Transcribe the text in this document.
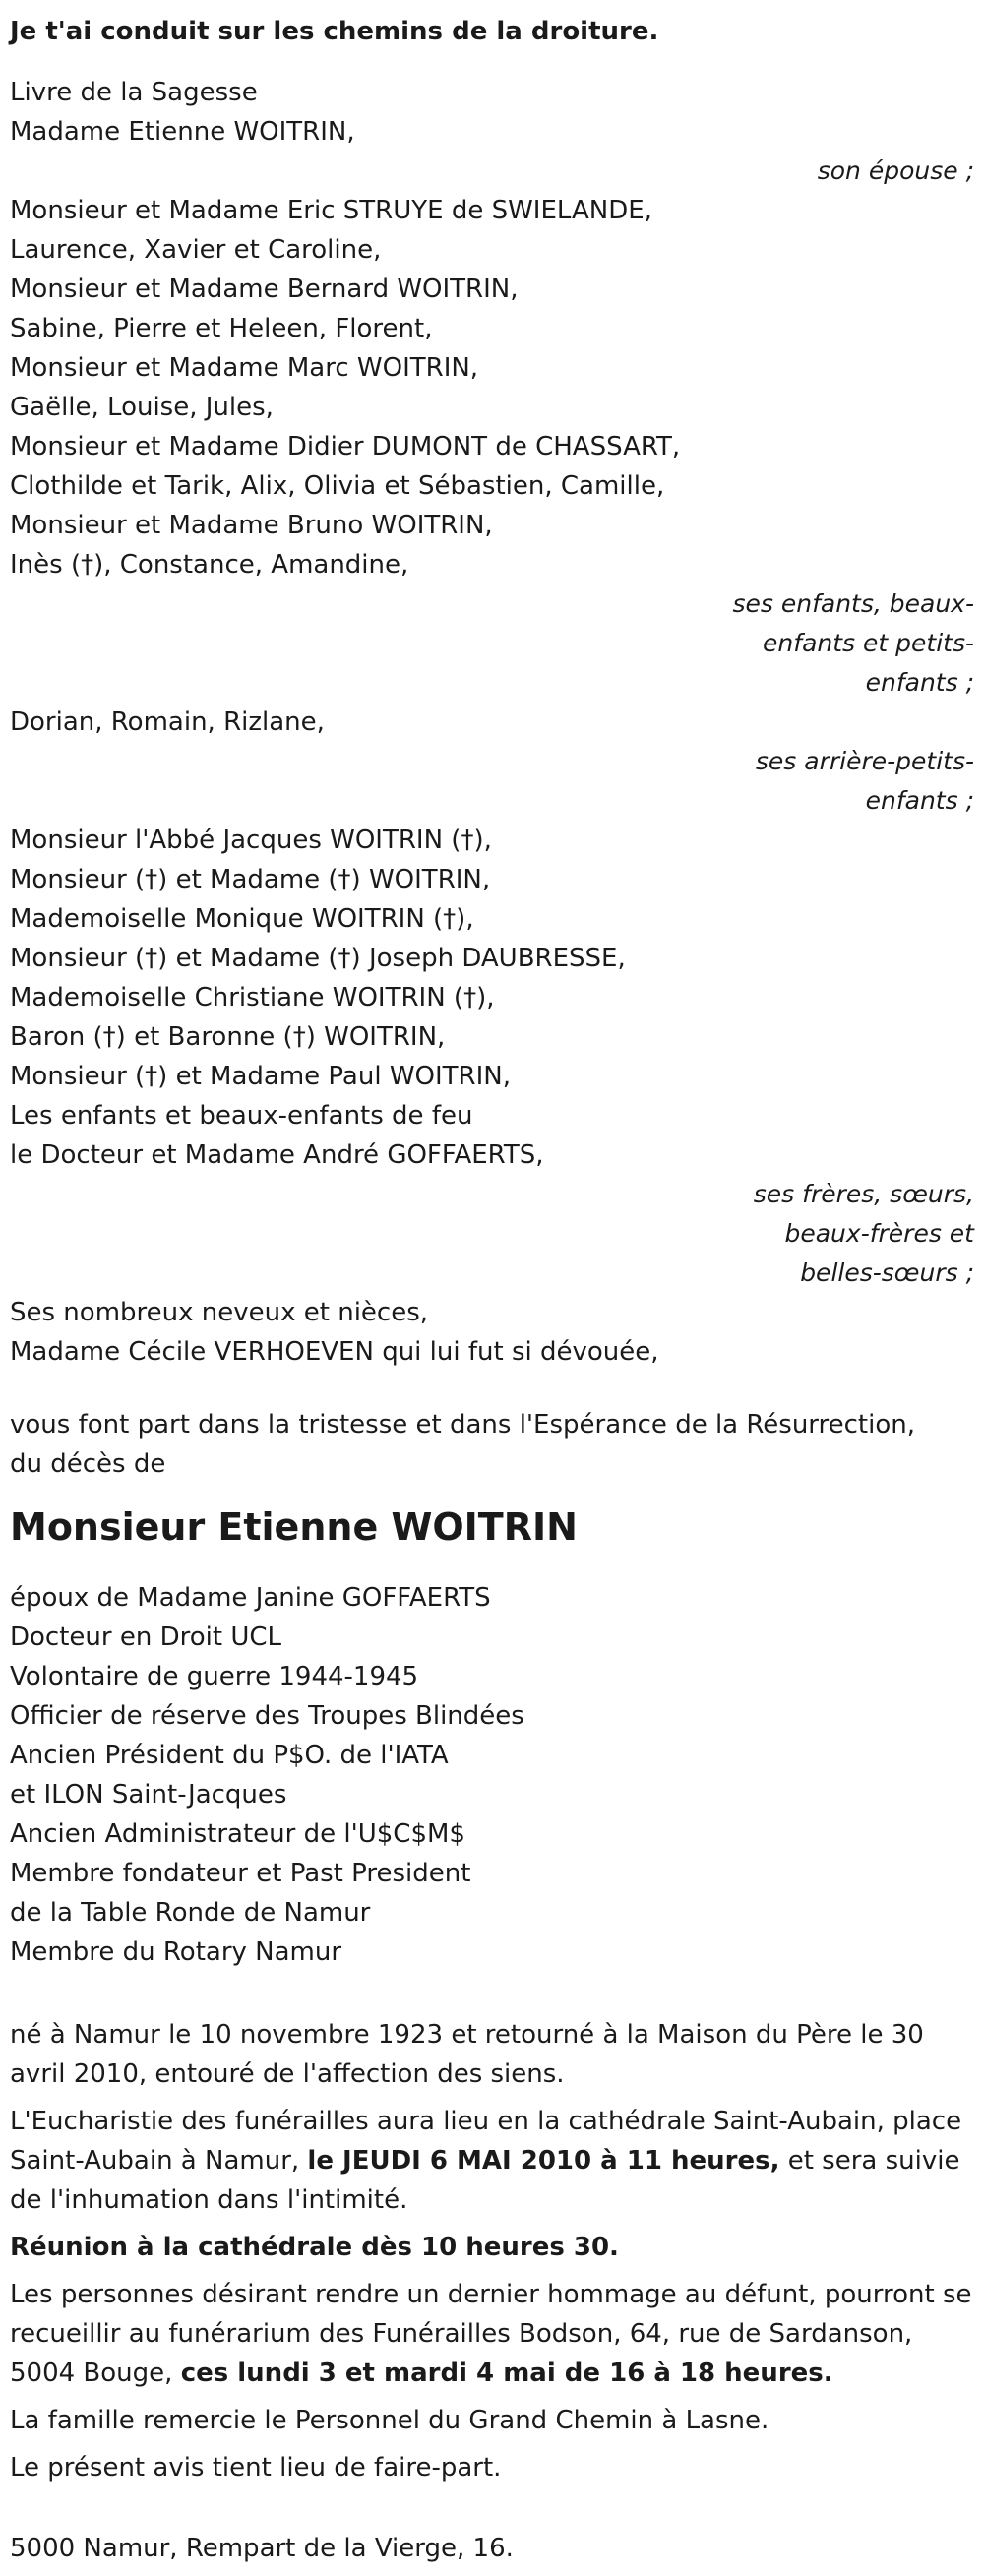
Je t'ai conduit sur les chemins de la droiture.
Livre de la Sagesse
Madame Etienne WOITRIN,
son épouse ;
Monsieur et Madame Eric STRUYE de SWIELANDE,
Laurence, Xavier et Caroline,
Monsieur et Madame Bernard WOITRIN,
Sabine, Pierre et Heleen, Florent,
Monsieur et Madame Marc WOITRIN,
Gaëlle, Louise, Jules,
Monsieur et Madame Didier DUMONT de CHASSART,
Clothilde et Tarik, Alix, Olivia et Sébastien, Camille,
Monsieur et Madame Bruno WOITRIN,
Inès (†), Constance, Amandine,
ses enfants, beaux-
enfants et petits-
enfants ;
Dorian, Romain, Rizlane,
ses arrière-petits-
enfants ;
Monsieur l'Abbé Jacques WOITRIN (†),
Monsieur (†) et Madame (†) WOITRIN,
Mademoiselle Monique WOITRIN (†),
Monsieur (†) et Madame (†) Joseph DAUBRESSE,
Mademoiselle Christiane WOITRIN (†),
Baron (†) et Baronne (†) WOITRIN,
Monsieur (†) et Madame Paul WOITRIN,
Les enfants et beaux-enfants de feu
le Docteur et Madame André GOFFAERTS,
ses frères, sœurs,
beaux-frères et
belles-sœurs ;
Ses nombreux neveux et nièces,
Madame Cécile VERHOEVEN qui lui fut si dévouée,
vous font part dans la tristesse et dans l'Espérance de la Résurrection,
du décès de
Monsieur Etienne WOITRIN
époux de Madame Janine GOFFAERTS
Docteur en Droit UCL
Volontaire de guerre 1944-1945
Officier de réserve des Troupes Blindées
Ancien Président du P$O. de l'IATA
et ILON Saint-Jacques
Ancien Administrateur de l'U$C$M$
Membre fondateur et Past President
de la Table Ronde de Namur
Membre du Rotary Namur

né à Namur le 10 novembre 1923 et retourné à la Maison du Père le 30 avril 2010, entouré de l'affection des siens.

L'Eucharistie des funérailles aura lieu en la cathédrale Saint-Aubain, place Saint-Aubain à Namur, le JEUDI 6 MAI 2010 à 11 heures, et sera suivie de l'inhumation dans l'intimité.

Réunion à la cathédrale dès 10 heures 30.

Les personnes désirant rendre un dernier hommage au défunt, pourront se recueillir au funérarium des Funérailles Bodson, 64, rue de Sardanson, 5004 Bouge, ces lundi 3 et mardi 4 mai de 16 à 18 heures.

La famille remercie le Personnel du Grand Chemin à Lasne.

Le présent avis tient lieu de faire-part.

5000 Namur, Rempart de la Vierge, 16.
